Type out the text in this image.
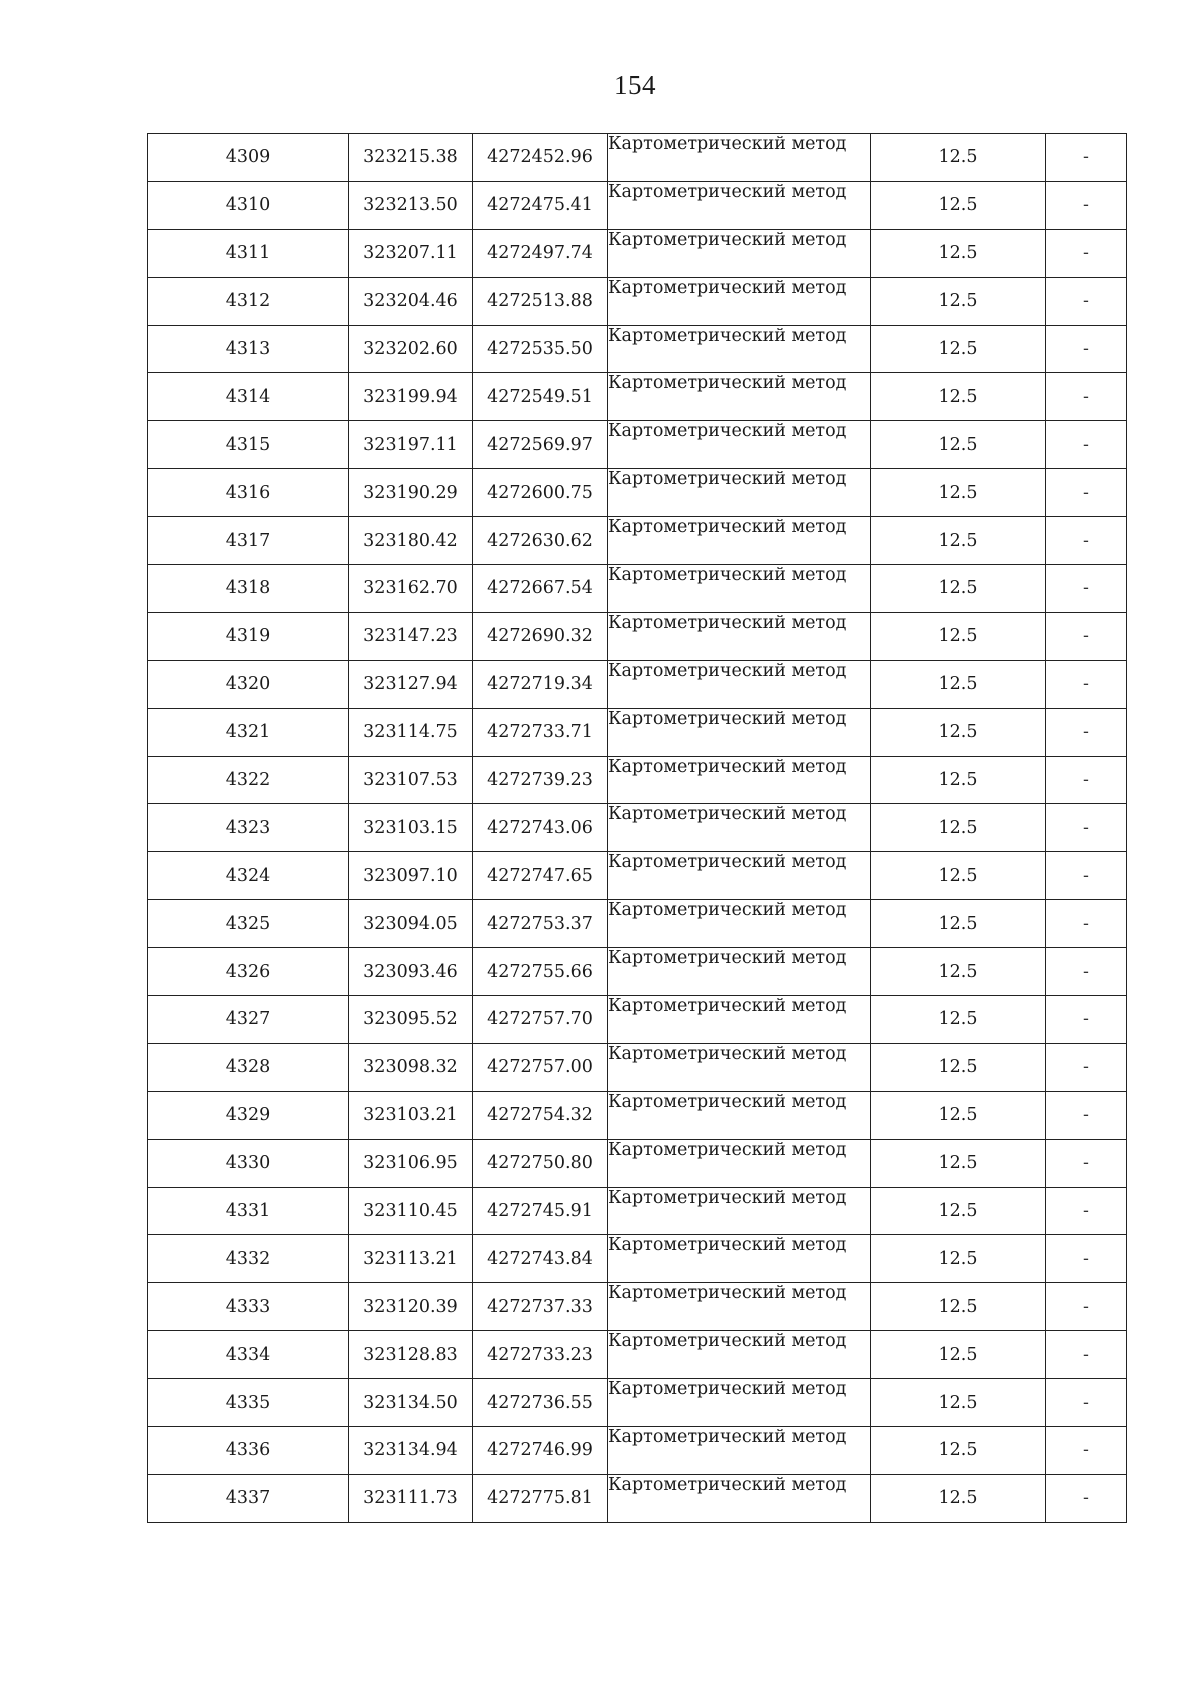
154
4309	323215.38	4272452.96	Картометрический метод	12.5	-
4310	323213.50	4272475.41	Картометрический метод	12.5	-
4311	323207.11	4272497.74	Картометрический метод	12.5	-
4312	323204.46	4272513.88	Картометрический метод	12.5	-
4313	323202.60	4272535.50	Картометрический метод	12.5	-
4314	323199.94	4272549.51	Картометрический метод	12.5	-
4315	323197.11	4272569.97	Картометрический метод	12.5	-
4316	323190.29	4272600.75	Картометрический метод	12.5	-
4317	323180.42	4272630.62	Картометрический метод	12.5	-
4318	323162.70	4272667.54	Картометрический метод	12.5	-
4319	323147.23	4272690.32	Картометрический метод	12.5	-
4320	323127.94	4272719.34	Картометрический метод	12.5	-
4321	323114.75	4272733.71	Картометрический метод	12.5	-
4322	323107.53	4272739.23	Картометрический метод	12.5	-
4323	323103.15	4272743.06	Картометрический метод	12.5	-
4324	323097.10	4272747.65	Картометрический метод	12.5	-
4325	323094.05	4272753.37	Картометрический метод	12.5	-
4326	323093.46	4272755.66	Картометрический метод	12.5	-
4327	323095.52	4272757.70	Картометрический метод	12.5	-
4328	323098.32	4272757.00	Картометрический метод	12.5	-
4329	323103.21	4272754.32	Картометрический метод	12.5	-
4330	323106.95	4272750.80	Картометрический метод	12.5	-
4331	323110.45	4272745.91	Картометрический метод	12.5	-
4332	323113.21	4272743.84	Картометрический метод	12.5	-
4333	323120.39	4272737.33	Картометрический метод	12.5	-
4334	323128.83	4272733.23	Картометрический метод	12.5	-
4335	323134.50	4272736.55	Картометрический метод	12.5	-
4336	323134.94	4272746.99	Картометрический метод	12.5	-
4337	323111.73	4272775.81	Картометрический метод	12.5	-
